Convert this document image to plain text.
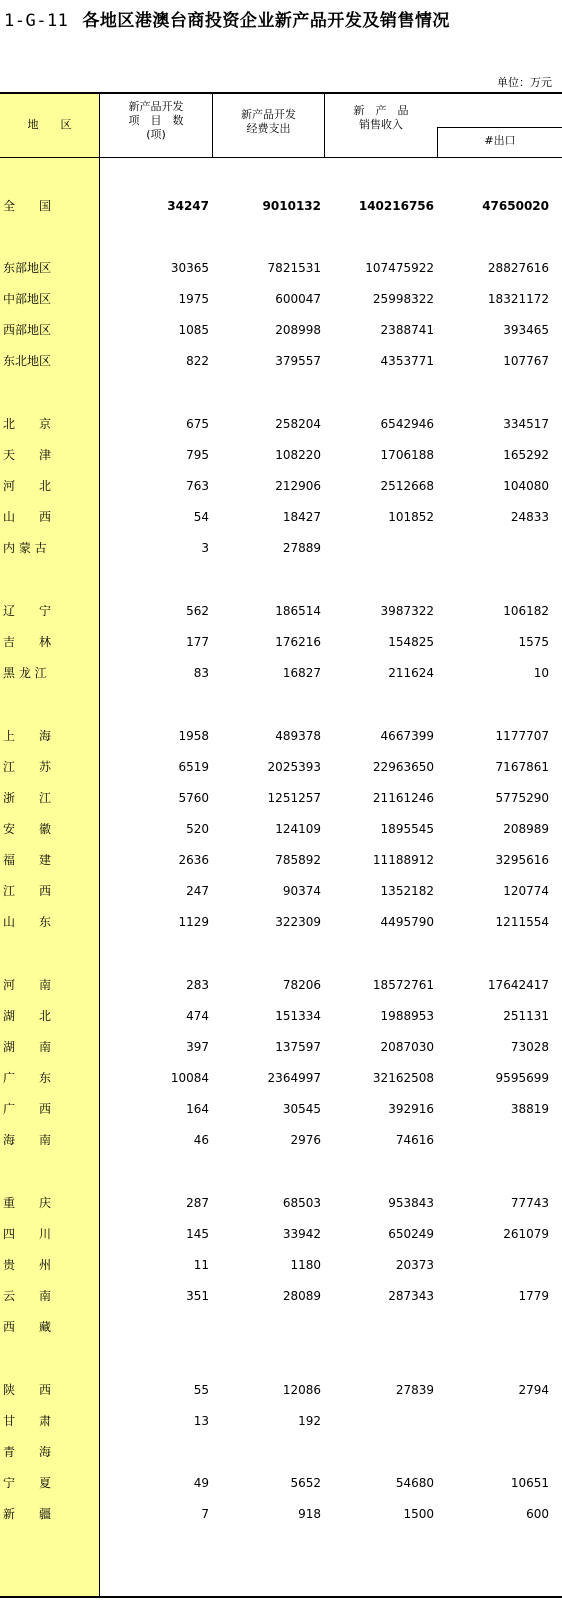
1-G-11 各地区港澳台商投资企业新产品开发及销售情况
单位：万元
地　　区
新产品开发
项　目　数
(项)
新产品开发
经费支出
新　产　品
销售收入
#出口
全　　国	34247	9010132	140216756	47650020
东部地区	30365	7821531	107475922	28827616
中部地区	1975	600047	25998322	18321172
西部地区	1085	208998	2388741	393465
东北地区	822	379557	4353771	107767
北　　京	675	258204	6542946	334517
天　　津	795	108220	1706188	165292
河　　北	763	212906	2512668	104080
山　　西	54	18427	101852	24833
内 蒙 古	3	27889
辽　　宁	562	186514	3987322	106182
吉　　林	177	176216	154825	1575
黑 龙 江	83	16827	211624	10
上　　海	1958	489378	4667399	1177707
江　　苏	6519	2025393	22963650	7167861
浙　　江	5760	1251257	21161246	5775290
安　　徽	520	124109	1895545	208989
福　　建	2636	785892	11188912	3295616
江　　西	247	90374	1352182	120774
山　　东	1129	322309	4495790	1211554
河　　南	283	78206	18572761	17642417
湖　　北	474	151334	1988953	251131
湖　　南	397	137597	2087030	73028
广　　东	10084	2364997	32162508	9595699
广　　西	164	30545	392916	38819
海　　南	46	2976	74616
重　　庆	287	68503	953843	77743
四　　川	145	33942	650249	261079
贵　　州	11	1180	20373
云　　南	351	28089	287343	1779
西　　藏
陕　　西	55	12086	27839	2794
甘　　肃	13	192
青　　海
宁　　夏	49	5652	54680	10651
新　　疆	7	918	1500	600
